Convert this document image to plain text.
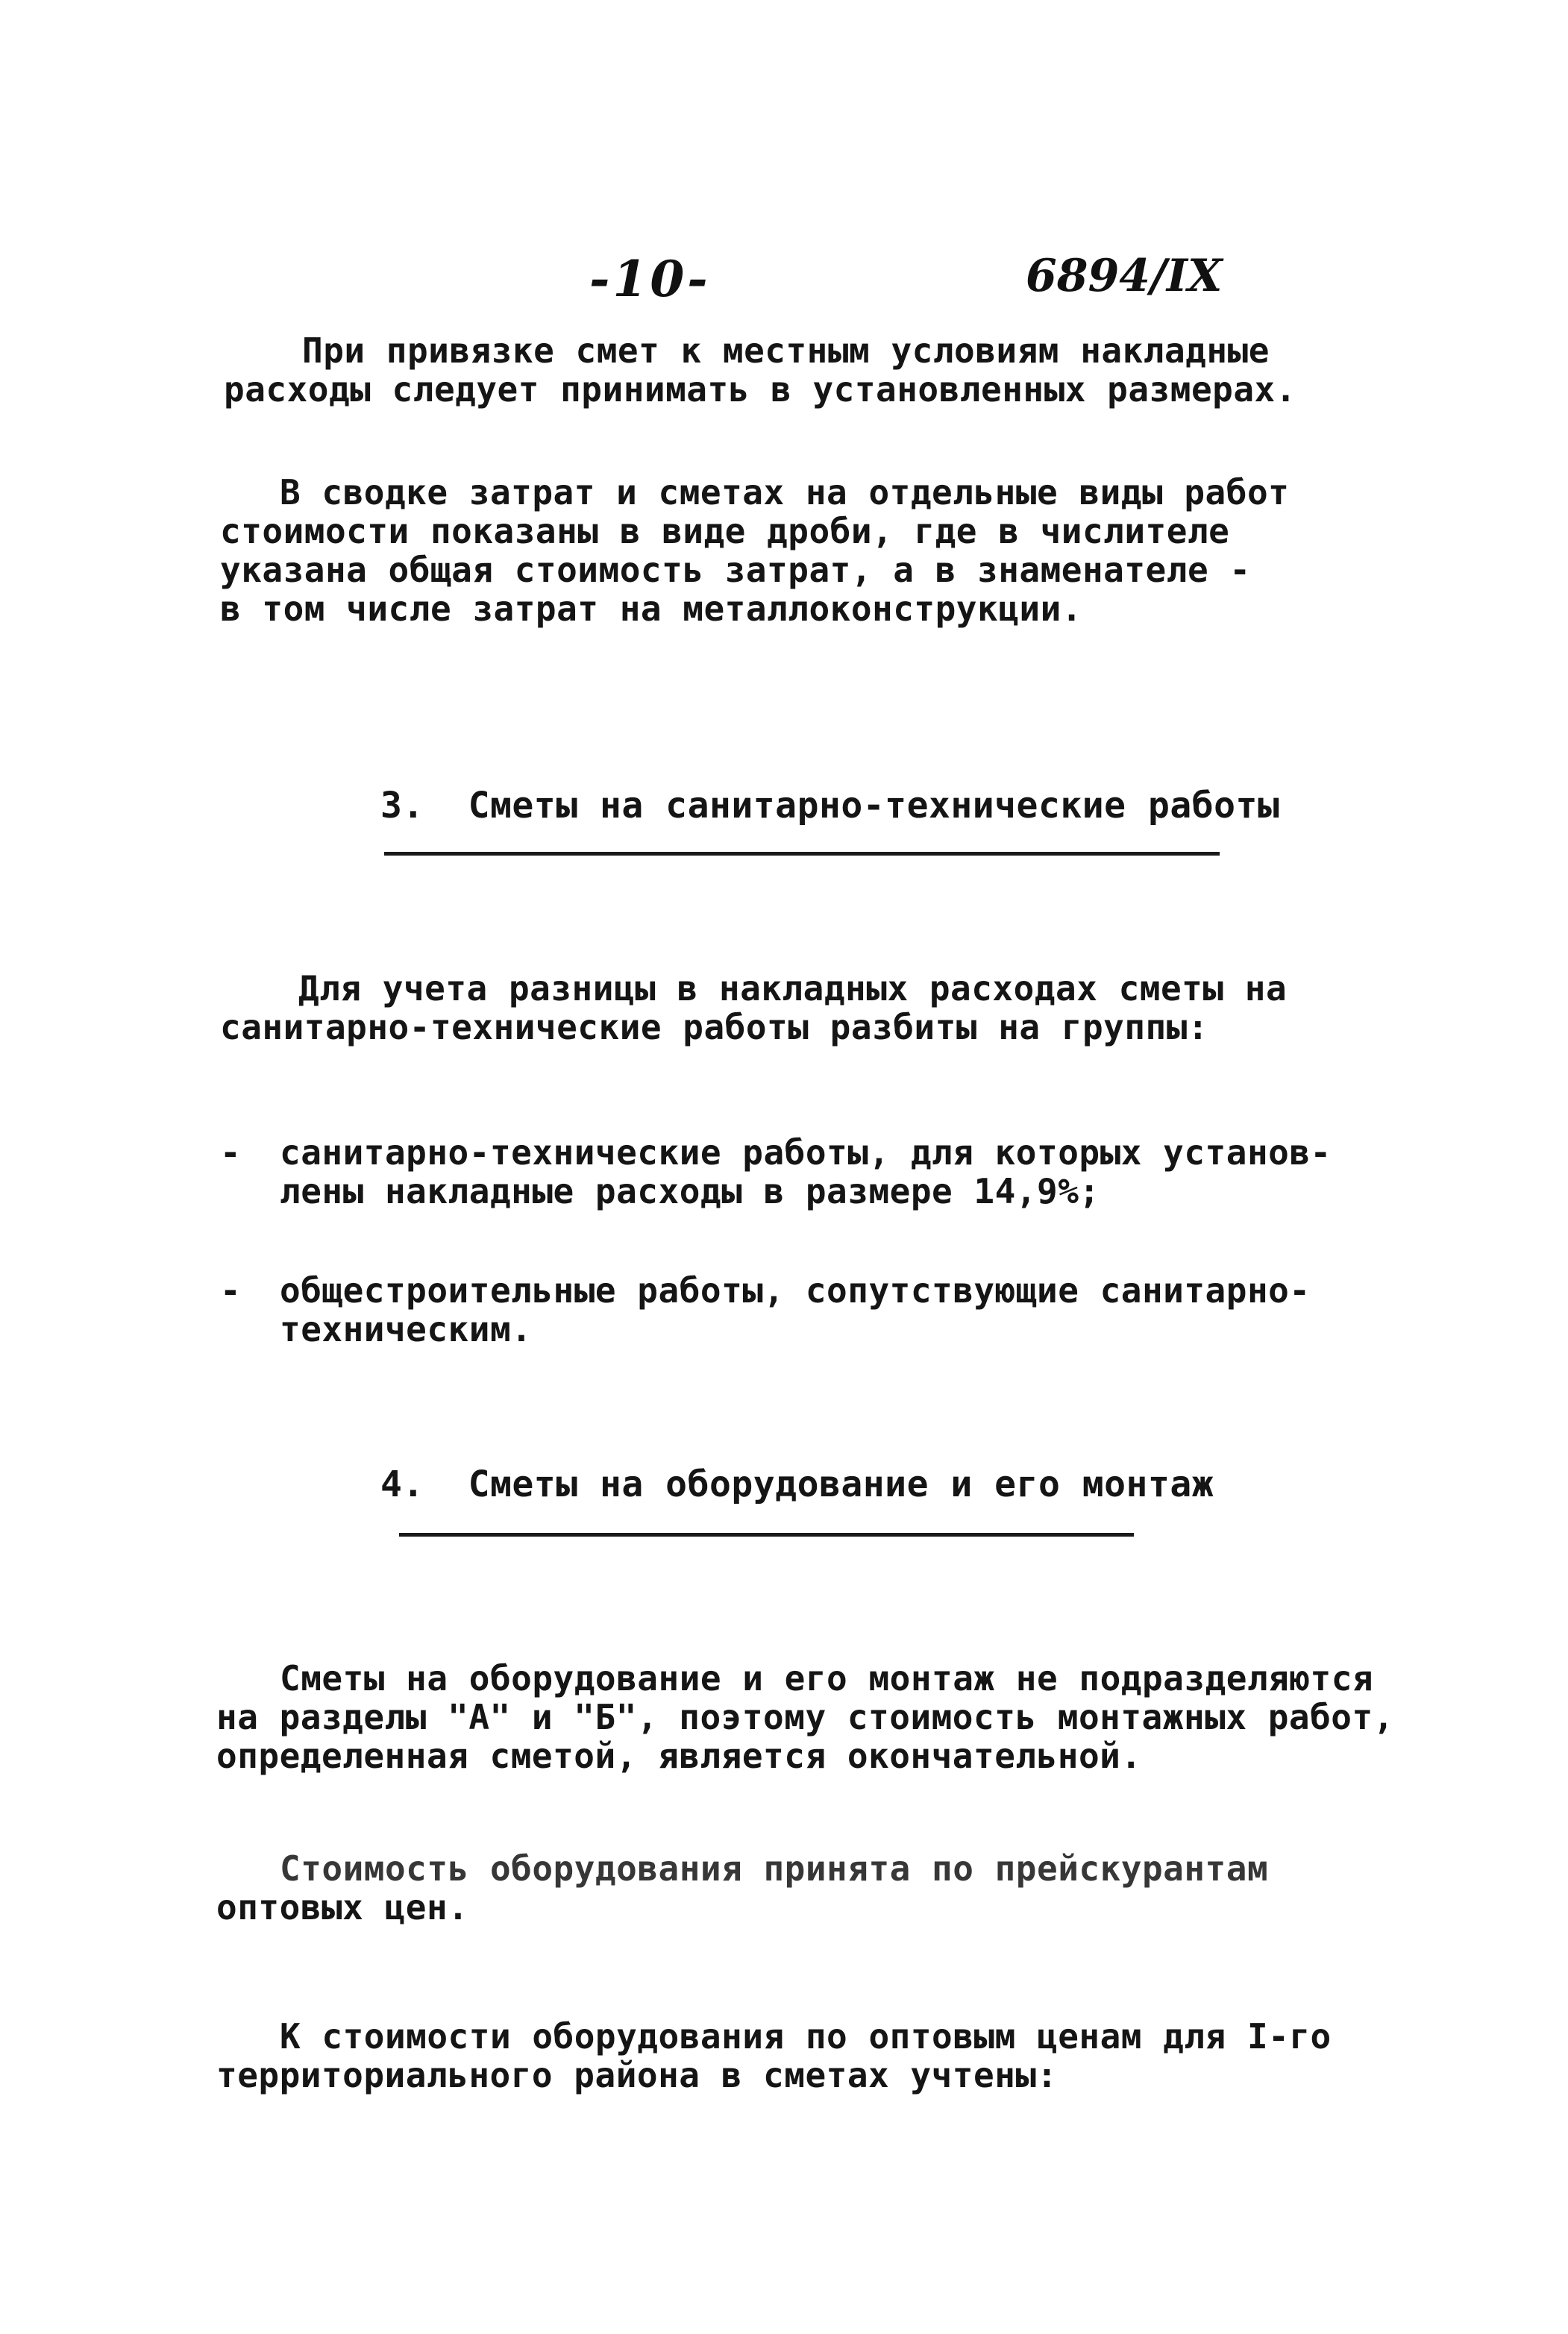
-10-	6894/IX
При привязке смет к местным условиям накладные
расходы следует принимать в установленных размерах.
В сводке затрат и сметах на отдельные виды работ
стоимости показаны в виде дроби, где в числителе
указана общая стоимость затрат, а в знаменателе -
в том числе затрат на металлоконструкции.
3.  Сметы на санитарно-технические работы
Для учета разницы в накладных расходах сметы на
санитарно-технические работы разбиты на группы:
- санитарно-технические работы, для которых установ-
лены накладные расходы в размере 14,9%;
- общестроительные работы, сопутствующие санитарно-
техническим.
4.  Сметы на оборудование и его монтаж
Сметы на оборудование и его монтаж не подразделяются
на разделы "А" и "Б", поэтому стоимость монтажных работ,
определенная сметой, является окончательной.
Стоимость оборудования принята по прейскурантам
оптовых цен.
К стоимости оборудования по оптовым ценам для I-го
территориального района в сметах учтены:
